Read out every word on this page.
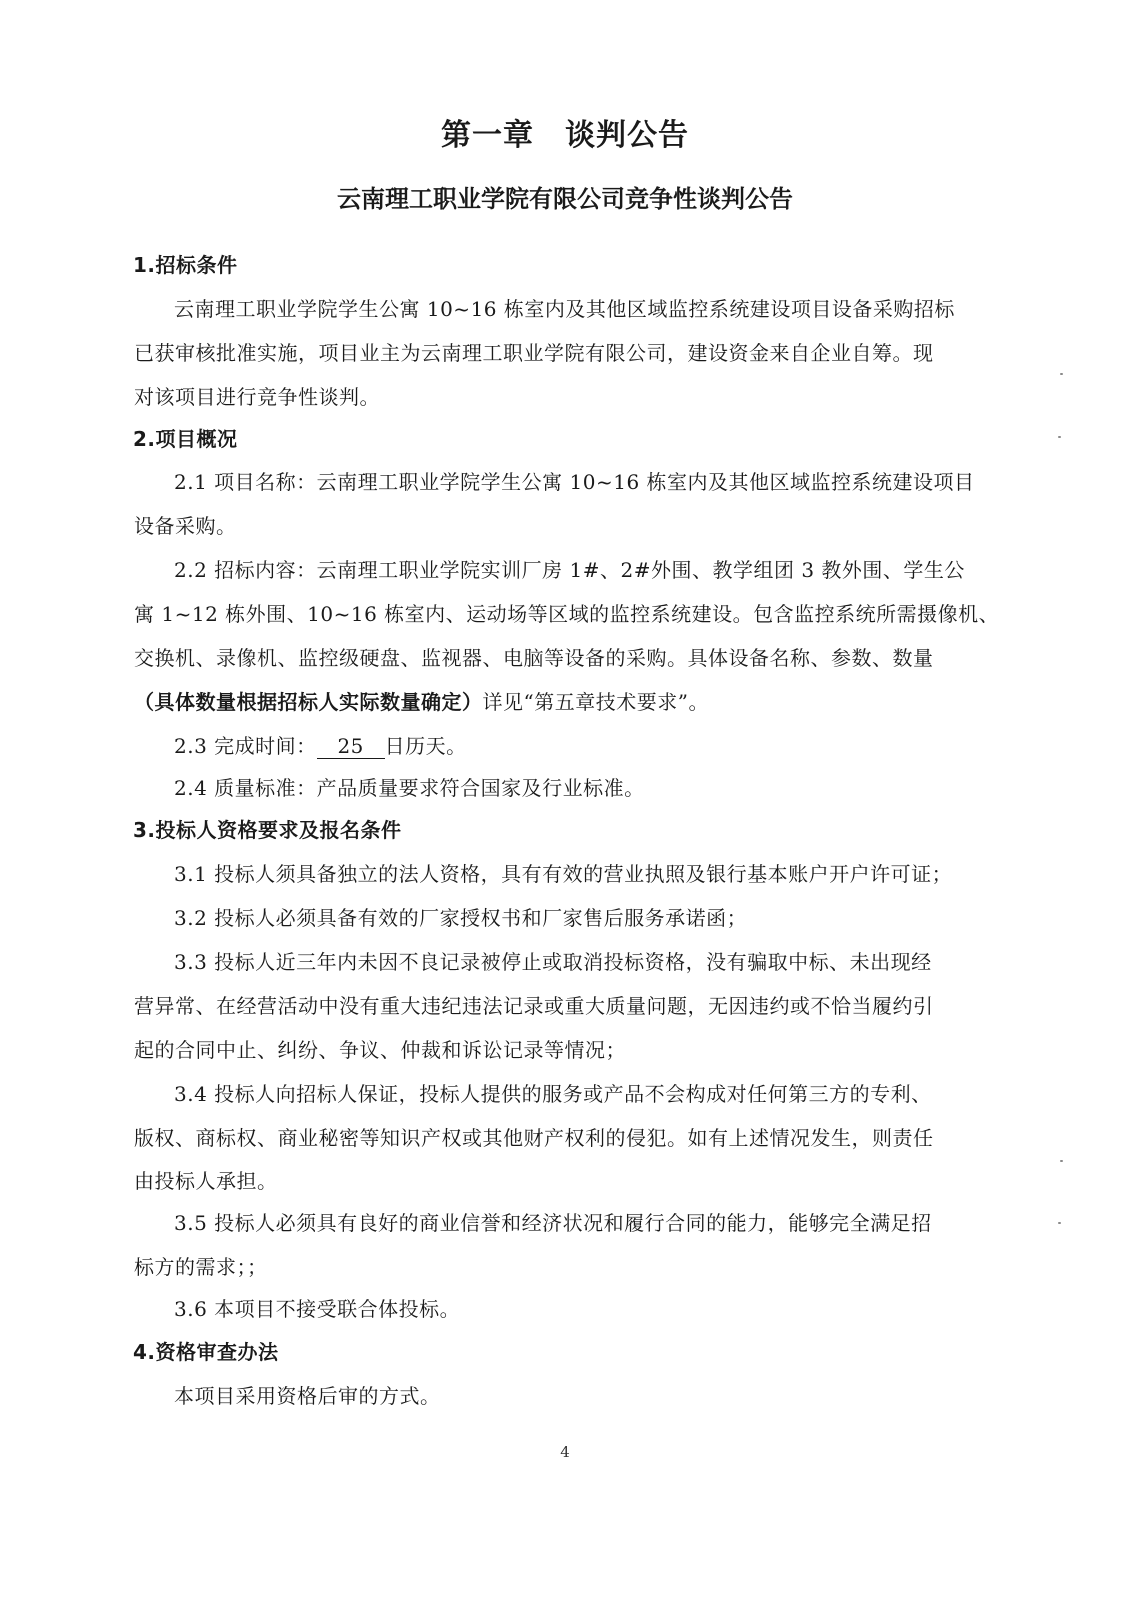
第一章　谈判公告
云南理工职业学院有限公司竞争性谈判公告
1.招标条件
云南理工职业学院学生公寓 10~16 栋室内及其他区域监控系统建设项目设备采购招标
已获审核批准实施，项目业主为云南理工职业学院有限公司，建设资金来自企业自筹。现
对该项目进行竞争性谈判。
2.项目概况
2.1 项目名称：云南理工职业学院学生公寓 10~16 栋室内及其他区域监控系统建设项目
设备采购。
2.2 招标内容：云南理工职业学院实训厂房 1#、2#外围、教学组团 3 教外围、学生公
寓 1~12 栋外围、10~16 栋室内、运动场等区域的监控系统建设。包含监控系统所需摄像机、
交换机、录像机、监控级硬盘、监视器、电脑等设备的采购。具体设备名称、参数、数量
（具体数量根据招标人实际数量确定）详见“第五章技术要求”。
2.3 完成时间： 25 日历天。
2.4 质量标准：产品质量要求符合国家及行业标准。
3.投标人资格要求及报名条件
3.1 投标人须具备独立的法人资格，具有有效的营业执照及银行基本账户开户许可证；
3.2 投标人必须具备有效的厂家授权书和厂家售后服务承诺函；
3.3 投标人近三年内未因不良记录被停止或取消投标资格，没有骗取中标、未出现经
营异常、在经营活动中没有重大违纪违法记录或重大质量问题，无因违约或不恰当履约引
起的合同中止、纠纷、争议、仲裁和诉讼记录等情况；
3.4 投标人向招标人保证，投标人提供的服务或产品不会构成对任何第三方的专利、
版权、商标权、商业秘密等知识产权或其他财产权利的侵犯。如有上述情况发生，则责任
由投标人承担。
3.5 投标人必须具有良好的商业信誉和经济状况和履行合同的能力，能够完全满足招
标方的需求；；
3.6 本项目不接受联合体投标。
4.资格审查办法
本项目采用资格后审的方式。
4
